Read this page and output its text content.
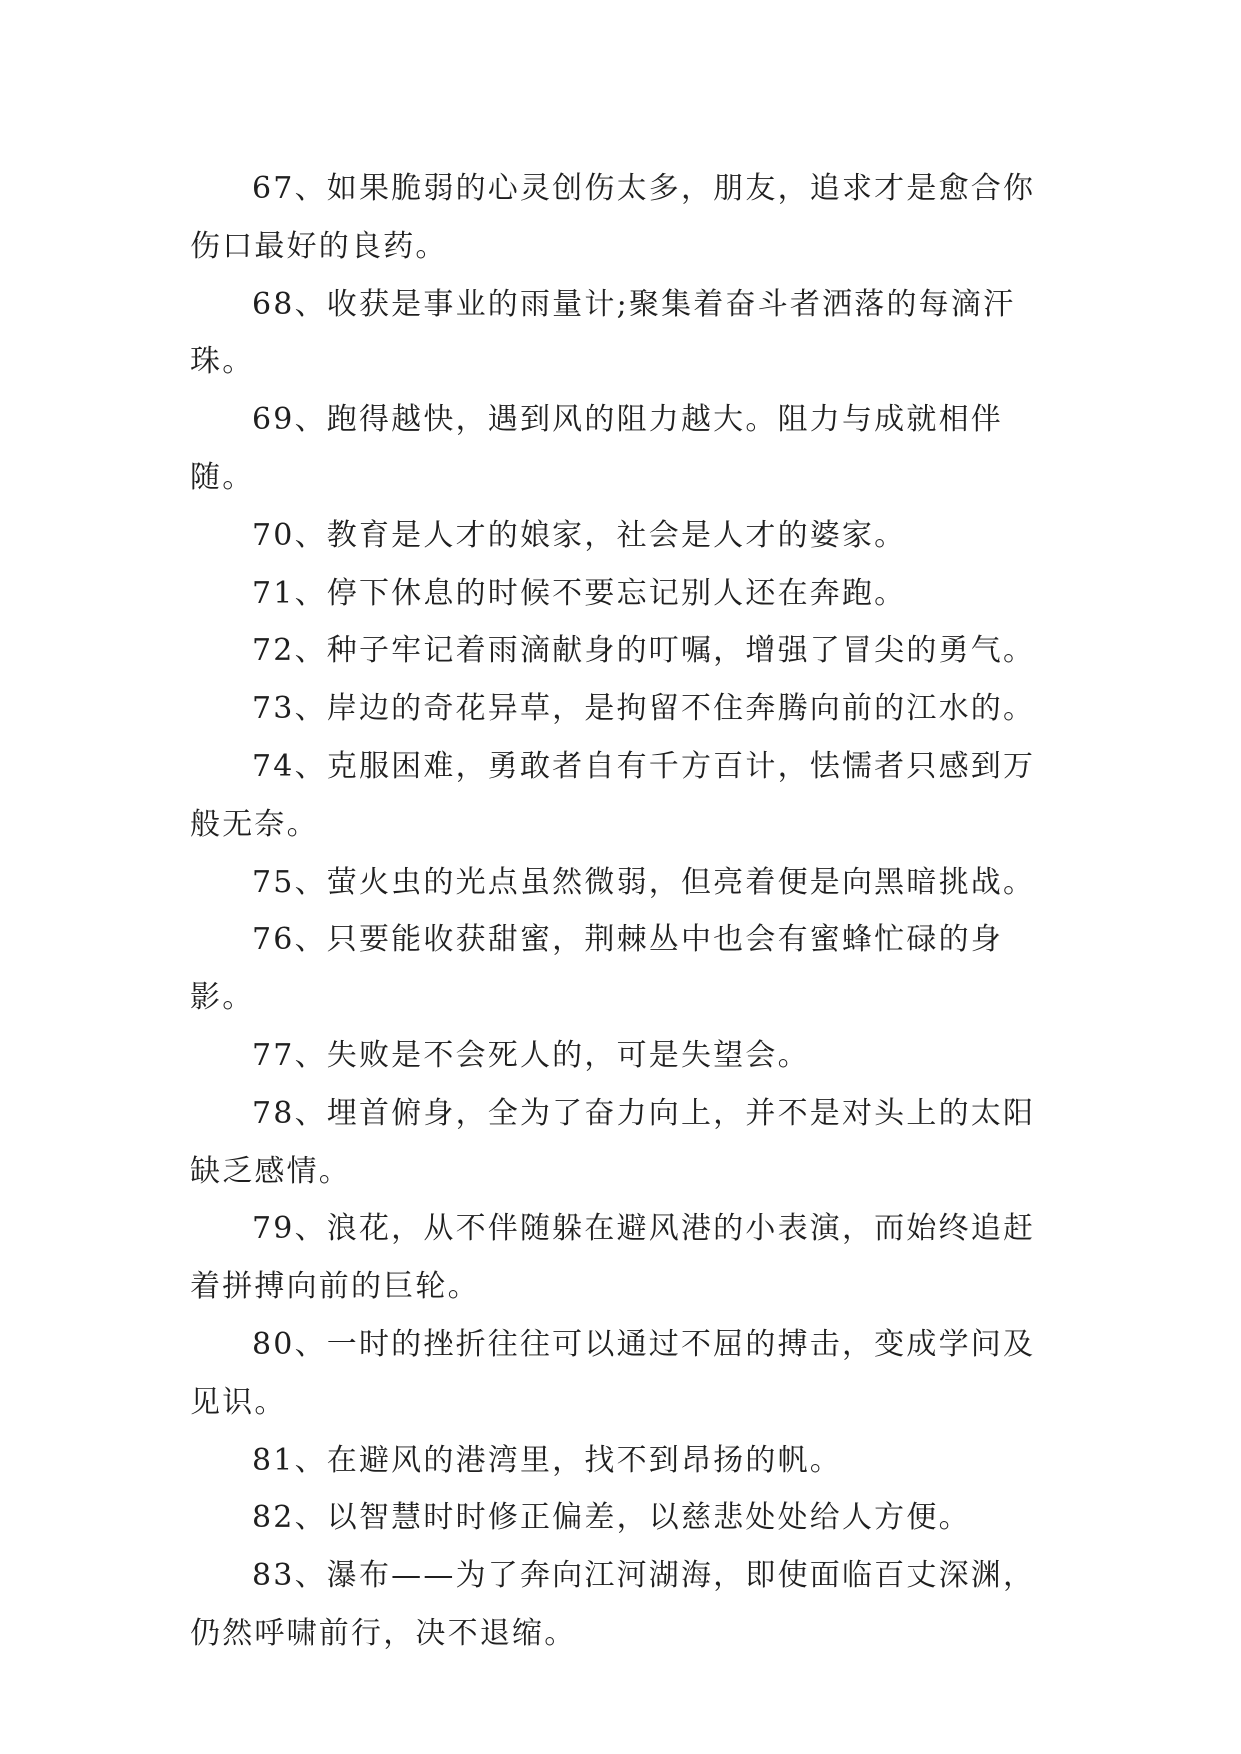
67、如果脆弱的心灵创伤太多，朋友，追求才是愈合你伤口最好的良药。

68、收获是事业的雨量计;聚集着奋斗者洒落的每滴汗珠。

69、跑得越快，遇到风的阻力越大。阻力与成就相伴随。

70、教育是人才的娘家，社会是人才的婆家。

71、停下休息的时候不要忘记别人还在奔跑。

72、种子牢记着雨滴献身的叮嘱，增强了冒尖的勇气。

73、岸边的奇花异草，是拘留不住奔腾向前的江水的。

74、克服困难，勇敢者自有千方百计，怯懦者只感到万般无奈。

75、萤火虫的光点虽然微弱，但亮着便是向黑暗挑战。

76、只要能收获甜蜜，荆棘丛中也会有蜜蜂忙碌的身影。

77、失败是不会死人的，可是失望会。

78、埋首俯身，全为了奋力向上，并不是对头上的太阳缺乏感情。

79、浪花，从不伴随躲在避风港的小表演，而始终追赶着拼搏向前的巨轮。

80、一时的挫折往往可以通过不屈的搏击，变成学问及见识。

81、在避风的港湾里，找不到昂扬的帆。

82、以智慧时时修正偏差，以慈悲处处给人方便。

83、瀑布——为了奔向江河湖海，即使面临百丈深渊，仍然呼啸前行，决不退缩。
